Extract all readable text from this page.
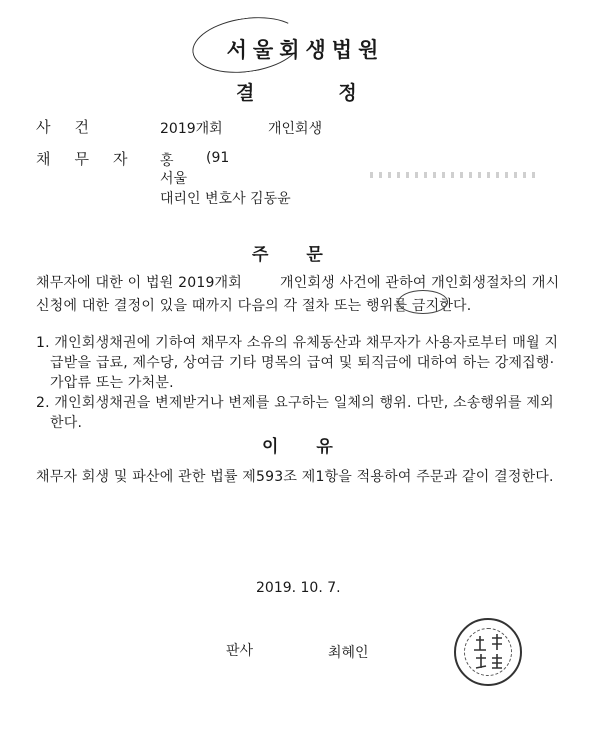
서울회생법원
결정
사건	2019개회	개인회생
채무자 홍 (91
서울
대리인 변호사 김동윤
주문
채무자에 대한 이 법원 2019개회	개인회생 사건에 관하여 개인회생절차의 개시
신청에 대한 결정이 있을 때까지 다음의 각 절차 또는 행위를 금지한다.
1. 개인회생채권에 기하여 채무자 소유의 유체동산과 채무자가 사용자로부터 매월 지
급받을 급료, 제수당, 상여금 기타 명목의 급여 및 퇴직금에 대하여 하는 강제집행·
가압류 또는 가처분.
2. 개인회생채권을 변제받거나 변제를 요구하는 일체의 행위. 다만, 소송행위를 제외
한다.
이유
채무자 회생 및 파산에 관한 법률 제593조 제1항을 적용하여 주문과 같이 결정한다.
2019. 10. 7.
판사	최혜인
